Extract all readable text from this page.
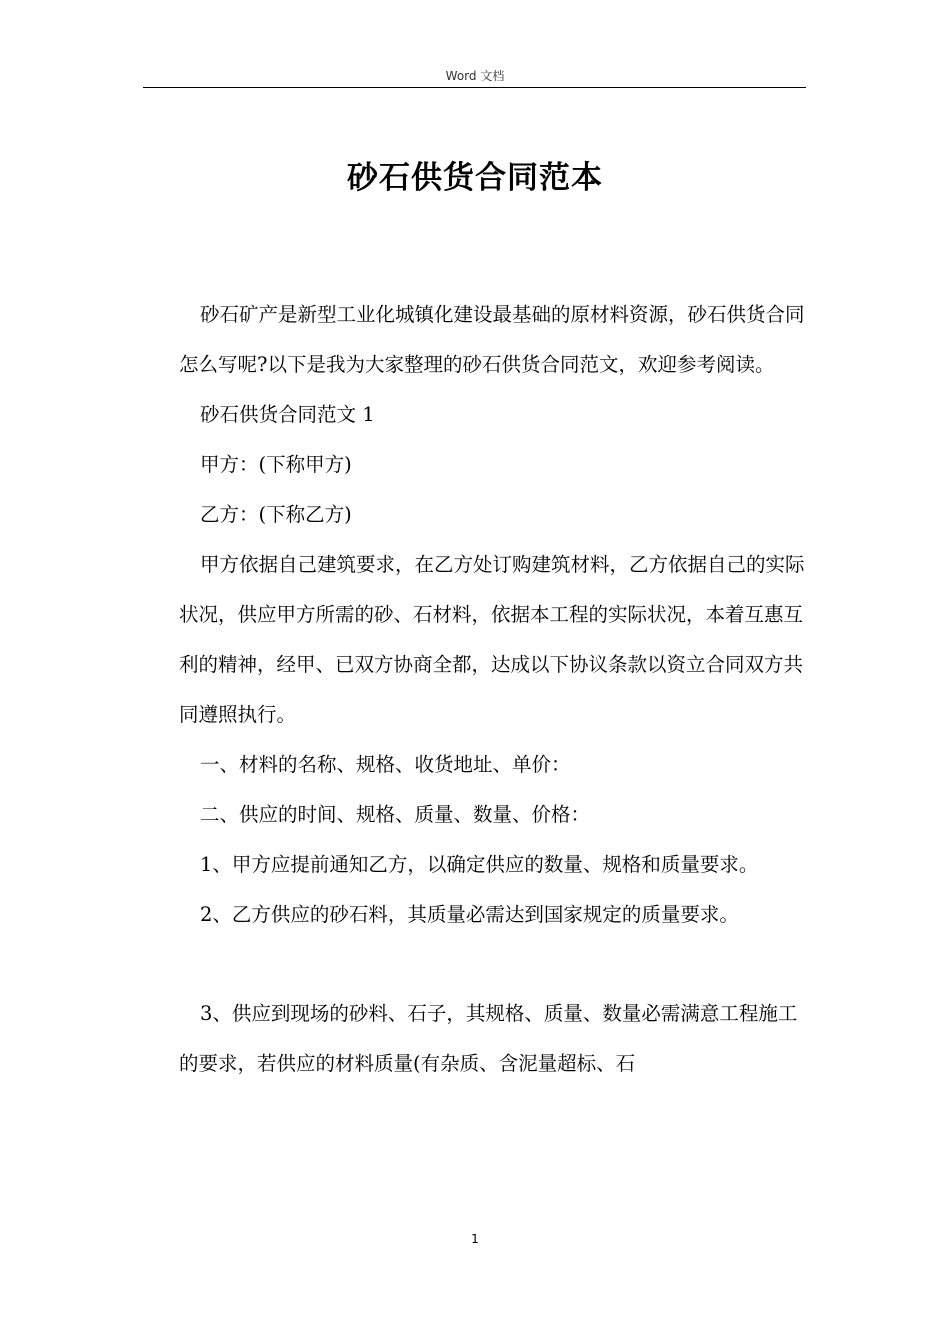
Word 文档
砂石供货合同范本

砂石矿产是新型工业化城镇化建设最基础的原材料资源，砂石供货合同怎么写呢?以下是我为大家整理的砂石供货合同范文，欢迎参考阅读。

砂石供货合同范文 1

甲方：(下称甲方)

乙方：(下称乙方)

甲方依据自己建筑要求，在乙方处订购建筑材料，乙方依据自己的实际状况，供应甲方所需的砂、石材料，依据本工程的实际状况，本着互惠互利的精神，经甲、已双方协商全都，达成以下协议条款以资立合同双方共同遵照执行。

一、材料的名称、规格、收货地址、单价：

二、供应的时间、规格、质量、数量、价格：

1、甲方应提前通知乙方，以确定供应的数量、规格和质量要求。

2、乙方供应的砂石料，其质量必需达到国家规定的质量要求。

3、供应到现场的砂料、石子，其规格、质量、数量必需满意工程施工的要求，若供应的材料质量(有杂质、含泥量超标、石

1
